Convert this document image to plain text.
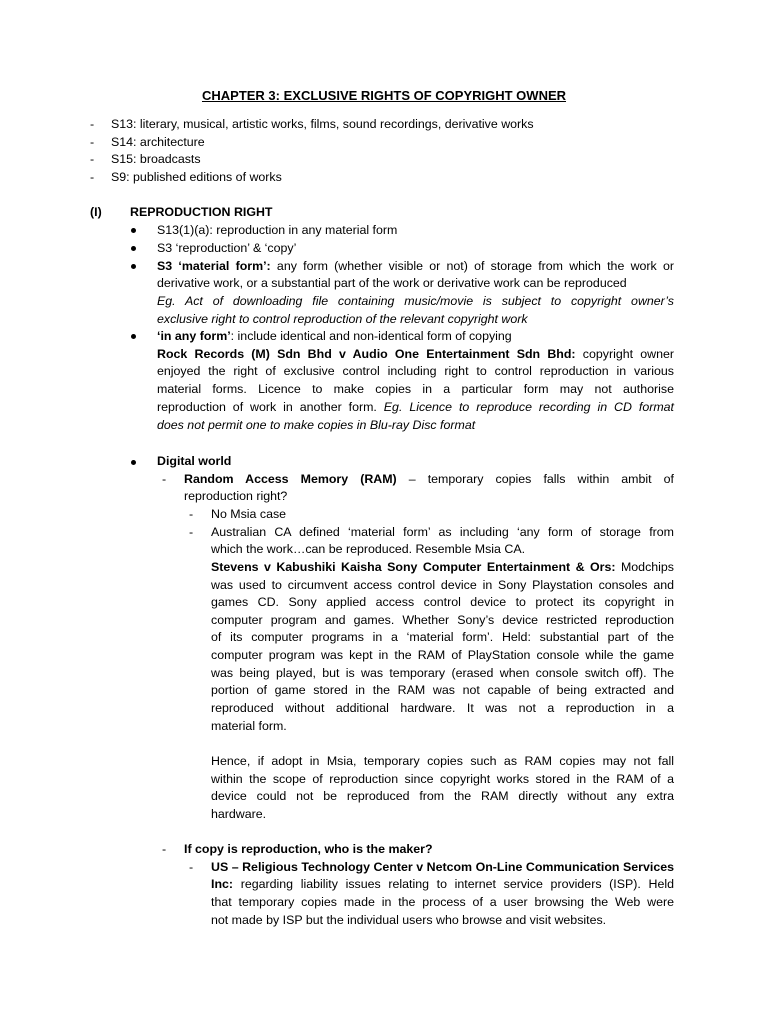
CHAPTER 3: EXCLUSIVE RIGHTS OF COPYRIGHT OWNER
- S13: literary, musical, artistic works, films, sound recordings, derivative works
- S14: architecture
- S15: broadcasts
- S9: published editions of works
(I) REPRODUCTION RIGHT
S13(1)(a): reproduction in any material form
S3 ‘reproduction’ & ‘copy’
S3 ‘material form’: any form (whether visible or not) of storage from which the work or
derivative work, or a substantial part of the work or derivative work can be reproduced
Eg. Act of downloading file containing music/movie is subject to copyright owner’s
exclusive right to control reproduction of the relevant copyright work
‘in any form’: include identical and non-identical form of copying
Rock Records (M) Sdn Bhd v Audio One Entertainment Sdn Bhd: copyright owner
enjoyed the right of exclusive control including right to control reproduction in various
material forms. Licence to make copies in a particular form may not authorise
reproduction of work in another form. Eg. Licence to reproduce recording in CD format
does not permit one to make copies in Blu-ray Disc format
Digital world
- Random Access Memory (RAM) – temporary copies falls within ambit of
reproduction right?
- No Msia case
- Australian CA defined ‘material form’ as including ‘any form of storage from
which the work…can be reproduced. Resemble Msia CA.
Stevens v Kabushiki Kaisha Sony Computer Entertainment & Ors: Modchips
was used to circumvent access control device in Sony Playstation consoles and
games CD. Sony applied access control device to protect its copyright in
computer program and games. Whether Sony’s device restricted reproduction
of its computer programs in a ‘material form’. Held: substantial part of the
computer program was kept in the RAM of PlayStation console while the game
was being played, but is was temporary (erased when console switch off). The
portion of game stored in the RAM was not capable of being extracted and
reproduced without additional hardware. It was not a reproduction in a
material form.
Hence, if adopt in Msia, temporary copies such as RAM copies may not fall
within the scope of reproduction since copyright works stored in the RAM of a
device could not be reproduced from the RAM directly without any extra
hardware.
- If copy is reproduction, who is the maker?
- US – Religious Technology Center v Netcom On-Line Communication Services
Inc: regarding liability issues relating to internet service providers (ISP). Held
that temporary copies made in the process of a user browsing the Web were
not made by ISP but the individual users who browse and visit websites.
